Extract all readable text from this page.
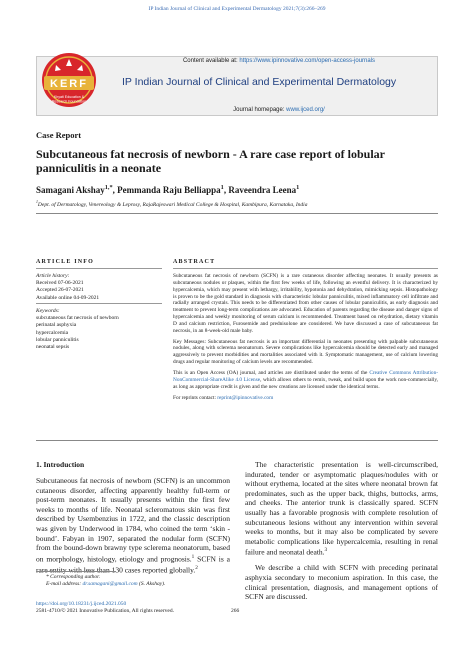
IP Indian Journal of Clinical and Experimental Dermatology 2021;7(3):266–269
Content available at: https://www.ipinnovative.com/open-access-journals
IP Indian Journal of Clinical and Experimental Dermatology
Journal homepage: www.ijced.org/
KERF
Khyati Education &
Research Foundation
Case Report
Subcutaneous fat necrosis of newborn - A rare case report of lobular panniculitis in a neonate
Samagani Akshay$^{1,*}$, Pemmanda Raju Belliappa$^1$, Raveendra Leena$^1$
$^1$Dept. of Dermatology, Venereology & Leprosy, RajaRajeswari Medical College & Hospital, Kambipura, Karnataka, India
ARTICLE INFO	ABSTRACT
Article history:
Received 07-06-2021
Accepted 26-07-2021
Available online 04-09-2021
Keywords:
subcutaneous fat necrosis of newborn
perinatal asphyxia
hypercalcemia
lobular panniculitis
neonatal sepsis

Subcutaneous fat necrosis of newborn (SCFN) is a rare cutaneous disorder affecting neonates. It usually presents as subcutaneous nodules or plaques, within the first few weeks of life, following an eventful delivery. It is characterized by hypercalcemia, which may present with lethargy, irritability, hypotonia and dehydration, mimicking sepsis. Histopathology is proven to be the gold standard in diagnosis with characteristic lobular panniculitis, mixed inflammatory cell infiltrate and radially arranged crystals. This needs to be differentiated from other causes of lobular panniculitis, as early diagnosis and treatment to prevent long-term complications are advocated. Education of parents regarding the disease and danger signs of hypercalcemia and weekly monitoring of serum calcium is recommended. Treatment based on rehydration, dietary vitamin D and calcium restriction, Furosemide and prednisolone are considered. We have discussed a case of subcutaneous fat necrosis, in an 8-week-old male baby.

Key Messages: Subcutaneous fat necrosis is an important differential in neonates presenting with palpable subcutaneous nodules, along with sclerema neonatorum. Severe complications like hypercalcemia should be detected early and managed aggressively to prevent morbidities and mortalities associated with it. Symptomatic management, use of calcium lowering drugs and regular monitoring of calcium levels are recommended.

This is an Open Access (OA) journal, and articles are distributed under the terms of the Creative Commons Attribution-NonCommercial-ShareAlike 4.0 License, which allows others to remix, tweak, and build upon the work non-commercially, as long as appropriate credit is given and the new creations are licensed under the identical terms.

For reprints contact: reprint@ipinnovative.com

1. Introduction
Subcutaneous fat necrosis of newborn (SCFN) is an uncommon cutaneous disorder, affecting apparently healthy full-term or post-term neonates. It usually presents within the first few weeks to months of life. Neonatal scleromatous skin was first described by Usembenzius in 1722, and the classic description was given by Underwood in 1784, who coined the term ‘skin - bound’. Fabyan in 1907, separated the nodular form (SCFN) from the bound-down brawny type sclerema neonatorum, based on morphology, histology, etiology and prognosis.$^1$ SCFN is a rare entity with less than 130 cases reported globally.$^2$

The characteristic presentation is well-circumscribed, indurated, tender or asymptomatic plaques/nodules with or without erythema, located at the sites where neonatal brown fat predominates, such as the upper back, thighs, buttocks, arms, and cheeks. The anterior trunk is classically spared. SCFN usually has a favorable prognosis with complete resolution of subcutaneous lesions without any intervention within several weeks to months, but it may also be complicated by severe metabolic complications like hypercalcemia, resulting in renal failure and neonatal death.$^3$

We describe a child with SCFN with preceding perinatal asphyxia secondary to meconium aspiration. In this case, the clinical presentation, diagnosis, and management options of SCFN are discussed.

* Corresponding author.
E-mail address: dr.samagani@gmail.com (S. Akshay).
https://doi.org/10.18231/j.ijced.2021.050
2581-4710/© 2021 Innovative Publication, All rights reserved.	266
